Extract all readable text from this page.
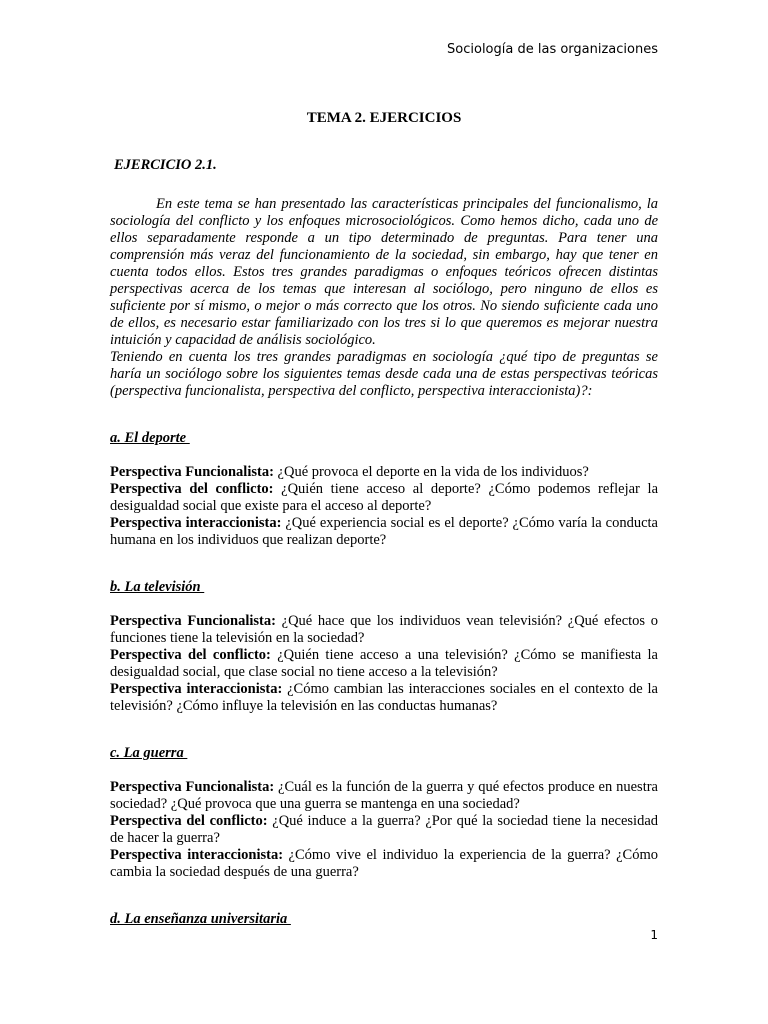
Sociología de las organizaciones
TEMA 2. EJERCICIOS
EJERCICIO 2.1.

En este tema se han presentado las características principales del funcionalismo, la sociología del conflicto y los enfoques microsociológicos. Como hemos dicho, cada uno de ellos separadamente responde a un tipo determinado de preguntas. Para tener una comprensión más veraz del funcionamiento de la sociedad, sin embargo, hay que tener en cuenta todos ellos. Estos tres grandes paradigmas o enfoques teóricos ofrecen distintas perspectivas acerca de los temas que interesan al sociólogo, pero ninguno de ellos es suficiente por sí mismo, o mejor o más correcto que los otros. No siendo suficiente cada uno de ellos, es necesario estar familiarizado con los tres si lo que queremos es mejorar nuestra intuición y capacidad de análisis sociológico.

Teniendo en cuenta los tres grandes paradigmas en sociología ¿qué tipo de preguntas se haría un sociólogo sobre los siguientes temas desde cada una de estas perspectivas teóricas (perspectiva funcionalista, perspectiva del conflicto, perspectiva interaccionista)?:

a. El deporte

Perspectiva Funcionalista: ¿Qué provoca el deporte en la vida de los individuos?

Perspectiva del conflicto: ¿Quién tiene acceso al deporte? ¿Cómo podemos reflejar la desigualdad social que existe para el acceso al deporte?

Perspectiva interaccionista: ¿Qué experiencia social es el deporte? ¿Cómo varía la conducta humana en los individuos que realizan deporte?

b. La televisión

Perspectiva Funcionalista: ¿Qué hace que los individuos vean televisión? ¿Qué efectos o funciones tiene la televisión en la sociedad?

Perspectiva del conflicto: ¿Quién tiene acceso a una televisión? ¿Cómo se manifiesta la desigualdad social, que clase social no tiene acceso a la televisión?

Perspectiva interaccionista: ¿Cómo cambian las interacciones sociales en el contexto de la televisión? ¿Cómo influye la televisión en las conductas humanas?

c. La guerra

Perspectiva Funcionalista: ¿Cuál es la función de la guerra y qué efectos produce en nuestra sociedad? ¿Qué provoca que una guerra se mantenga en una sociedad?

Perspectiva del conflicto: ¿Qué induce a la guerra? ¿Por qué la sociedad tiene la necesidad de hacer la guerra?

Perspectiva interaccionista: ¿Cómo vive el individuo la experiencia de la guerra? ¿Cómo cambia la sociedad después de una guerra?

d. La enseñanza universitaria
1
